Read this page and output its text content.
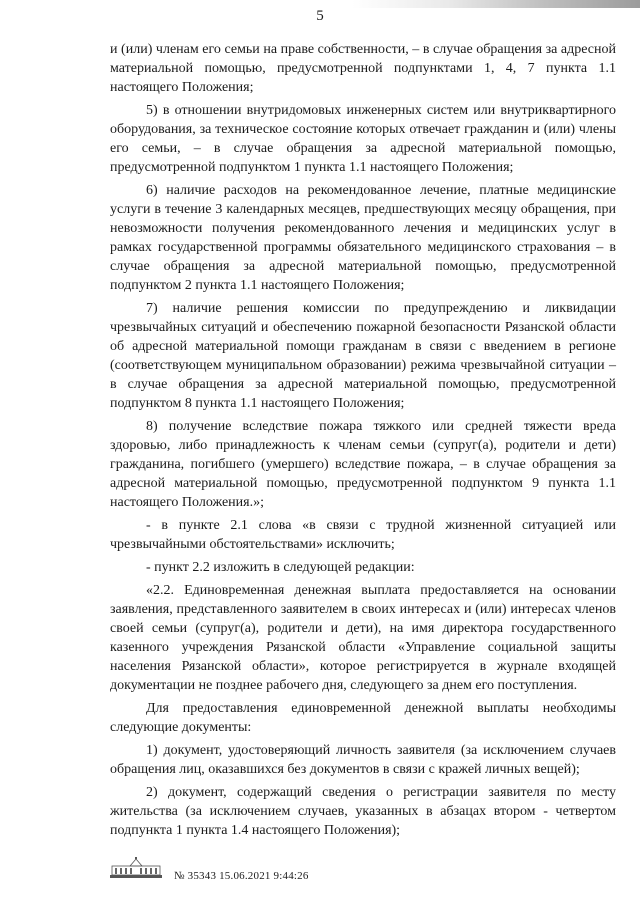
5

и (или) членам его семьи на праве собственности, – в случае обращения за адресной материальной помощью, предусмотренной подпунктами 1, 4, 7 пункта 1.1 настоящего Положения;

5) в отношении внутридомовых инженерных систем или внутриквартирного оборудования, за техническое состояние которых отвечает гражданин и (или) члены его семьи, – в случае обращения за адресной материальной помощью, предусмотренной подпунктом 1 пункта 1.1 настоящего Положения;

6) наличие расходов на рекомендованное лечение, платные медицинские услуги в течение 3 календарных месяцев, предшествующих месяцу обращения, при невозможности получения рекомендованного лечения и медицинских услуг в рамках государственной программы обязательного медицинского страхования – в случае обращения за адресной материальной помощью, предусмотренной подпунктом 2 пункта 1.1 настоящего Положения;

7) наличие решения комиссии по предупреждению и ликвидации чрезвычайных ситуаций и обеспечению пожарной безопасности Рязанской области об адресной материальной помощи гражданам в связи с введением в регионе (соответствующем муниципальном образовании) режима чрезвычайной ситуации – в случае обращения за адресной материальной помощью, предусмотренной подпунктом 8 пункта 1.1 настоящего Положения;

8) получение вследствие пожара тяжкого или средней тяжести вреда здоровью, либо принадлежность к членам семьи (супруг(а), родители и дети) гражданина, погибшего (умершего) вследствие пожара, – в случае обращения за адресной материальной помощью, предусмотренной подпунктом 9 пункта 1.1 настоящего Положения.»;

- в пункте 2.1 слова «в связи с трудной жизненной ситуацией или чрезвычайными обстоятельствами» исключить;

- пункт 2.2 изложить в следующей редакции:

«2.2. Единовременная денежная выплата предоставляется на основании заявления, представленного заявителем в своих интересах и (или) интересах членов своей семьи (супруг(а), родители и дети), на имя директора государственного казенного учреждения Рязанской области «Управление социальной защиты населения Рязанской области», которое регистрируется в журнале входящей документации не позднее рабочего дня, следующего за днем его поступления.

Для предоставления единовременной денежной выплаты необходимы следующие документы:

1) документ, удостоверяющий личность заявителя (за исключением случаев обращения лиц, оказавшихся без документов в связи с кражей личных вещей);

2) документ, содержащий сведения о регистрации заявителя по месту жительства (за исключением случаев, указанных в абзацах втором - четвертом подпункта 1 пункта 1.4 настоящего Положения);

№ 35343 15.06.2021 9:44:26
